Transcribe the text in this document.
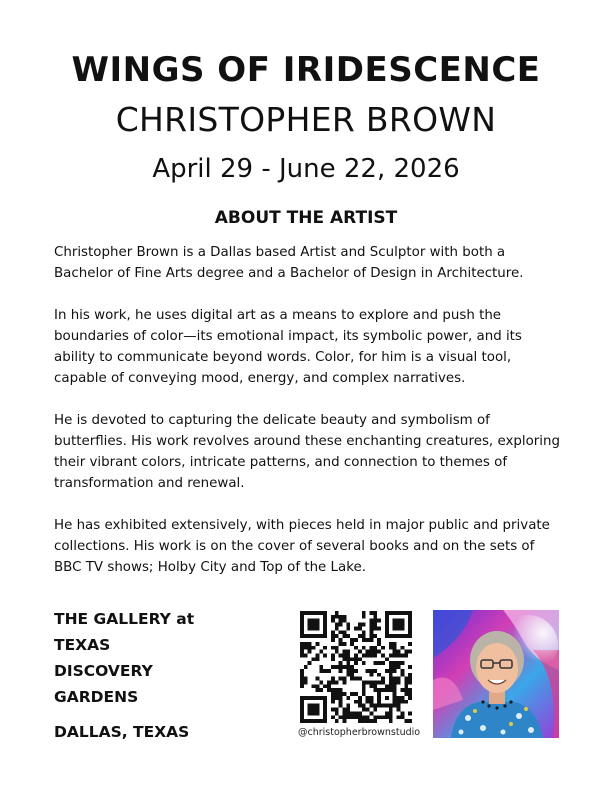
WINGS OF IRIDESCENCE
CHRISTOPHER BROWN
April 29 - June 22, 2026
ABOUT THE ARTIST

Christopher Brown is a Dallas based Artist and Sculptor with both a Bachelor of Fine Arts degree and a Bachelor of Design in Architecture.

In his work, he uses digital art as a means to explore and push the boundaries of color—its emotional impact, its symbolic power, and its ability to communicate beyond words. Color, for him is a visual tool, capable of conveying mood, energy, and complex narratives.

He is devoted to capturing the delicate beauty and symbolism of butterflies. His work revolves around these enchanting creatures, exploring their vibrant colors, intricate patterns, and connection to themes of transformation and renewal.

He has exhibited extensively, with pieces held in major public and private collections. His work is on the cover of several books and on the sets of BBC TV shows; Holby City and Top of the Lake.

THE GALLERY at
TEXAS
DISCOVERY
GARDENS
DALLAS, TEXAS	@christopherbrownstudio
